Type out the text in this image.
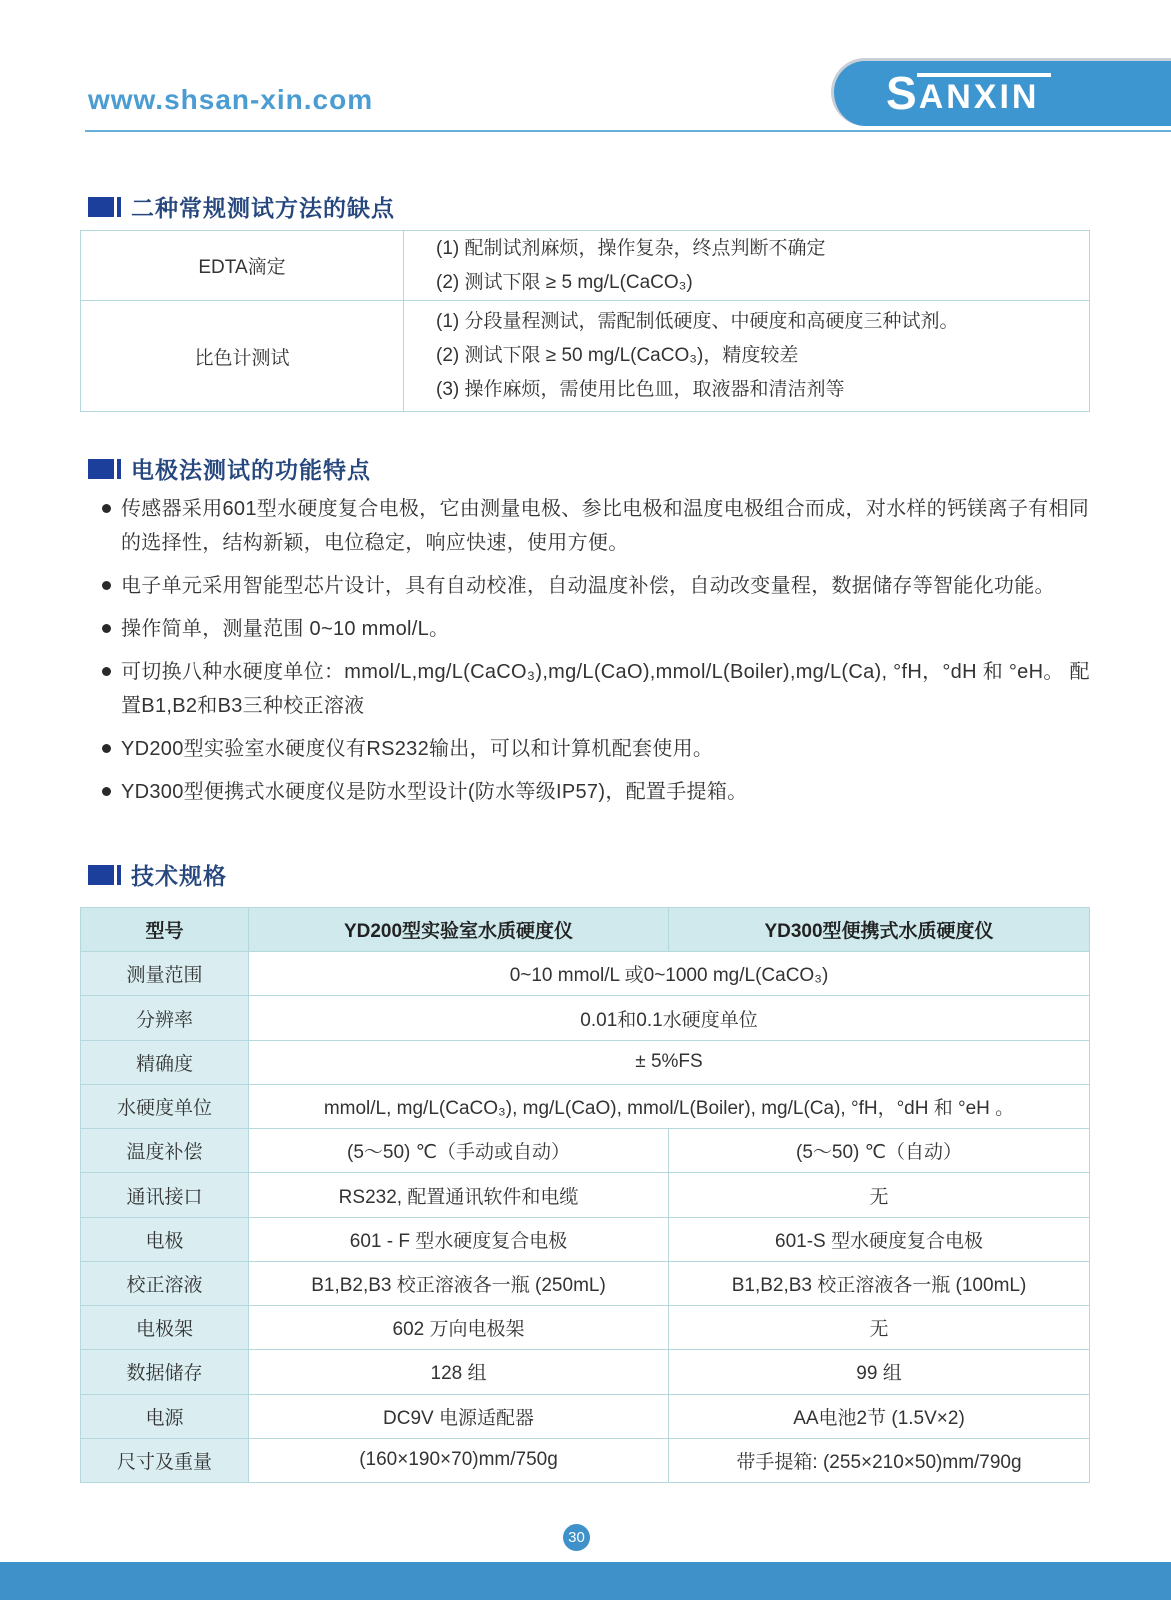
www.shsan-xin.com	S ANXIN
二种常规测试方法的缺点
EDTA滴定
(1) 配制试剂麻烦，操作复杂，终点判断不确定
(2) 测试下限 ≥ 5 mg/L(CaCO₃)
比色计测试
(1) 分段量程测试，需配制低硬度、中硬度和高硬度三种试剂。
(2) 测试下限 ≥ 50 mg/L(CaCO₃)，精度较差
(3) 操作麻烦，需使用比色皿，取液器和清洁剂等
电极法测试的功能特点
传感器采用601型水硬度复合电极，它由测量电极、参比电极和温度电极组合而成，对水样的钙镁离子有相同的选择性，结构新颖，电位稳定，响应快速，使用方便。
电子单元采用智能型芯片设计，具有自动校准，自动温度补偿，自动改变量程，数据储存等智能化功能。
操作简单，测量范围 0~10 mmol/L。
可切换八种水硬度单位：mmol/L,mg/L(CaCO₃),mg/L(CaO),mmol/L(Boiler),mg/L(Ca), °fH，°dH 和 °eH。 配置B1,B2和B3三种校正溶液
YD200型实验室水硬度仪有RS232输出，可以和计算机配套使用。
YD300型便携式水硬度仪是防水型设计(防水等级IP57)，配置手提箱。
技术规格
型号	YD200型实验室水质硬度仪	YD300型便携式水质硬度仪
测量范围	0~10 mmol/L 或0~1000 mg/L(CaCO₃)
分辨率	0.01和0.1水硬度单位
精确度	± 5%FS
水硬度单位	mmol/L, mg/L(CaCO₃), mg/L(CaO), mmol/L(Boiler), mg/L(Ca), °fH，°dH 和 °eH 。
温度补偿	(5～50) ℃（手动或自动）	(5～50) ℃（自动）
通讯接口	RS232, 配置通讯软件和电缆	无
电极	601 - F 型水硬度复合电极	601-S 型水硬度复合电极
校正溶液	B1,B2,B3 校正溶液各一瓶 (250mL)	B1,B2,B3 校正溶液各一瓶 (100mL)
电极架	602 万向电极架	无
数据储存	128 组	99 组
电源	DC9V 电源适配器	AA电池2节 (1.5V×2)
尺寸及重量	(160×190×70)mm/750g	带手提箱: (255×210×50)mm/790g
30
